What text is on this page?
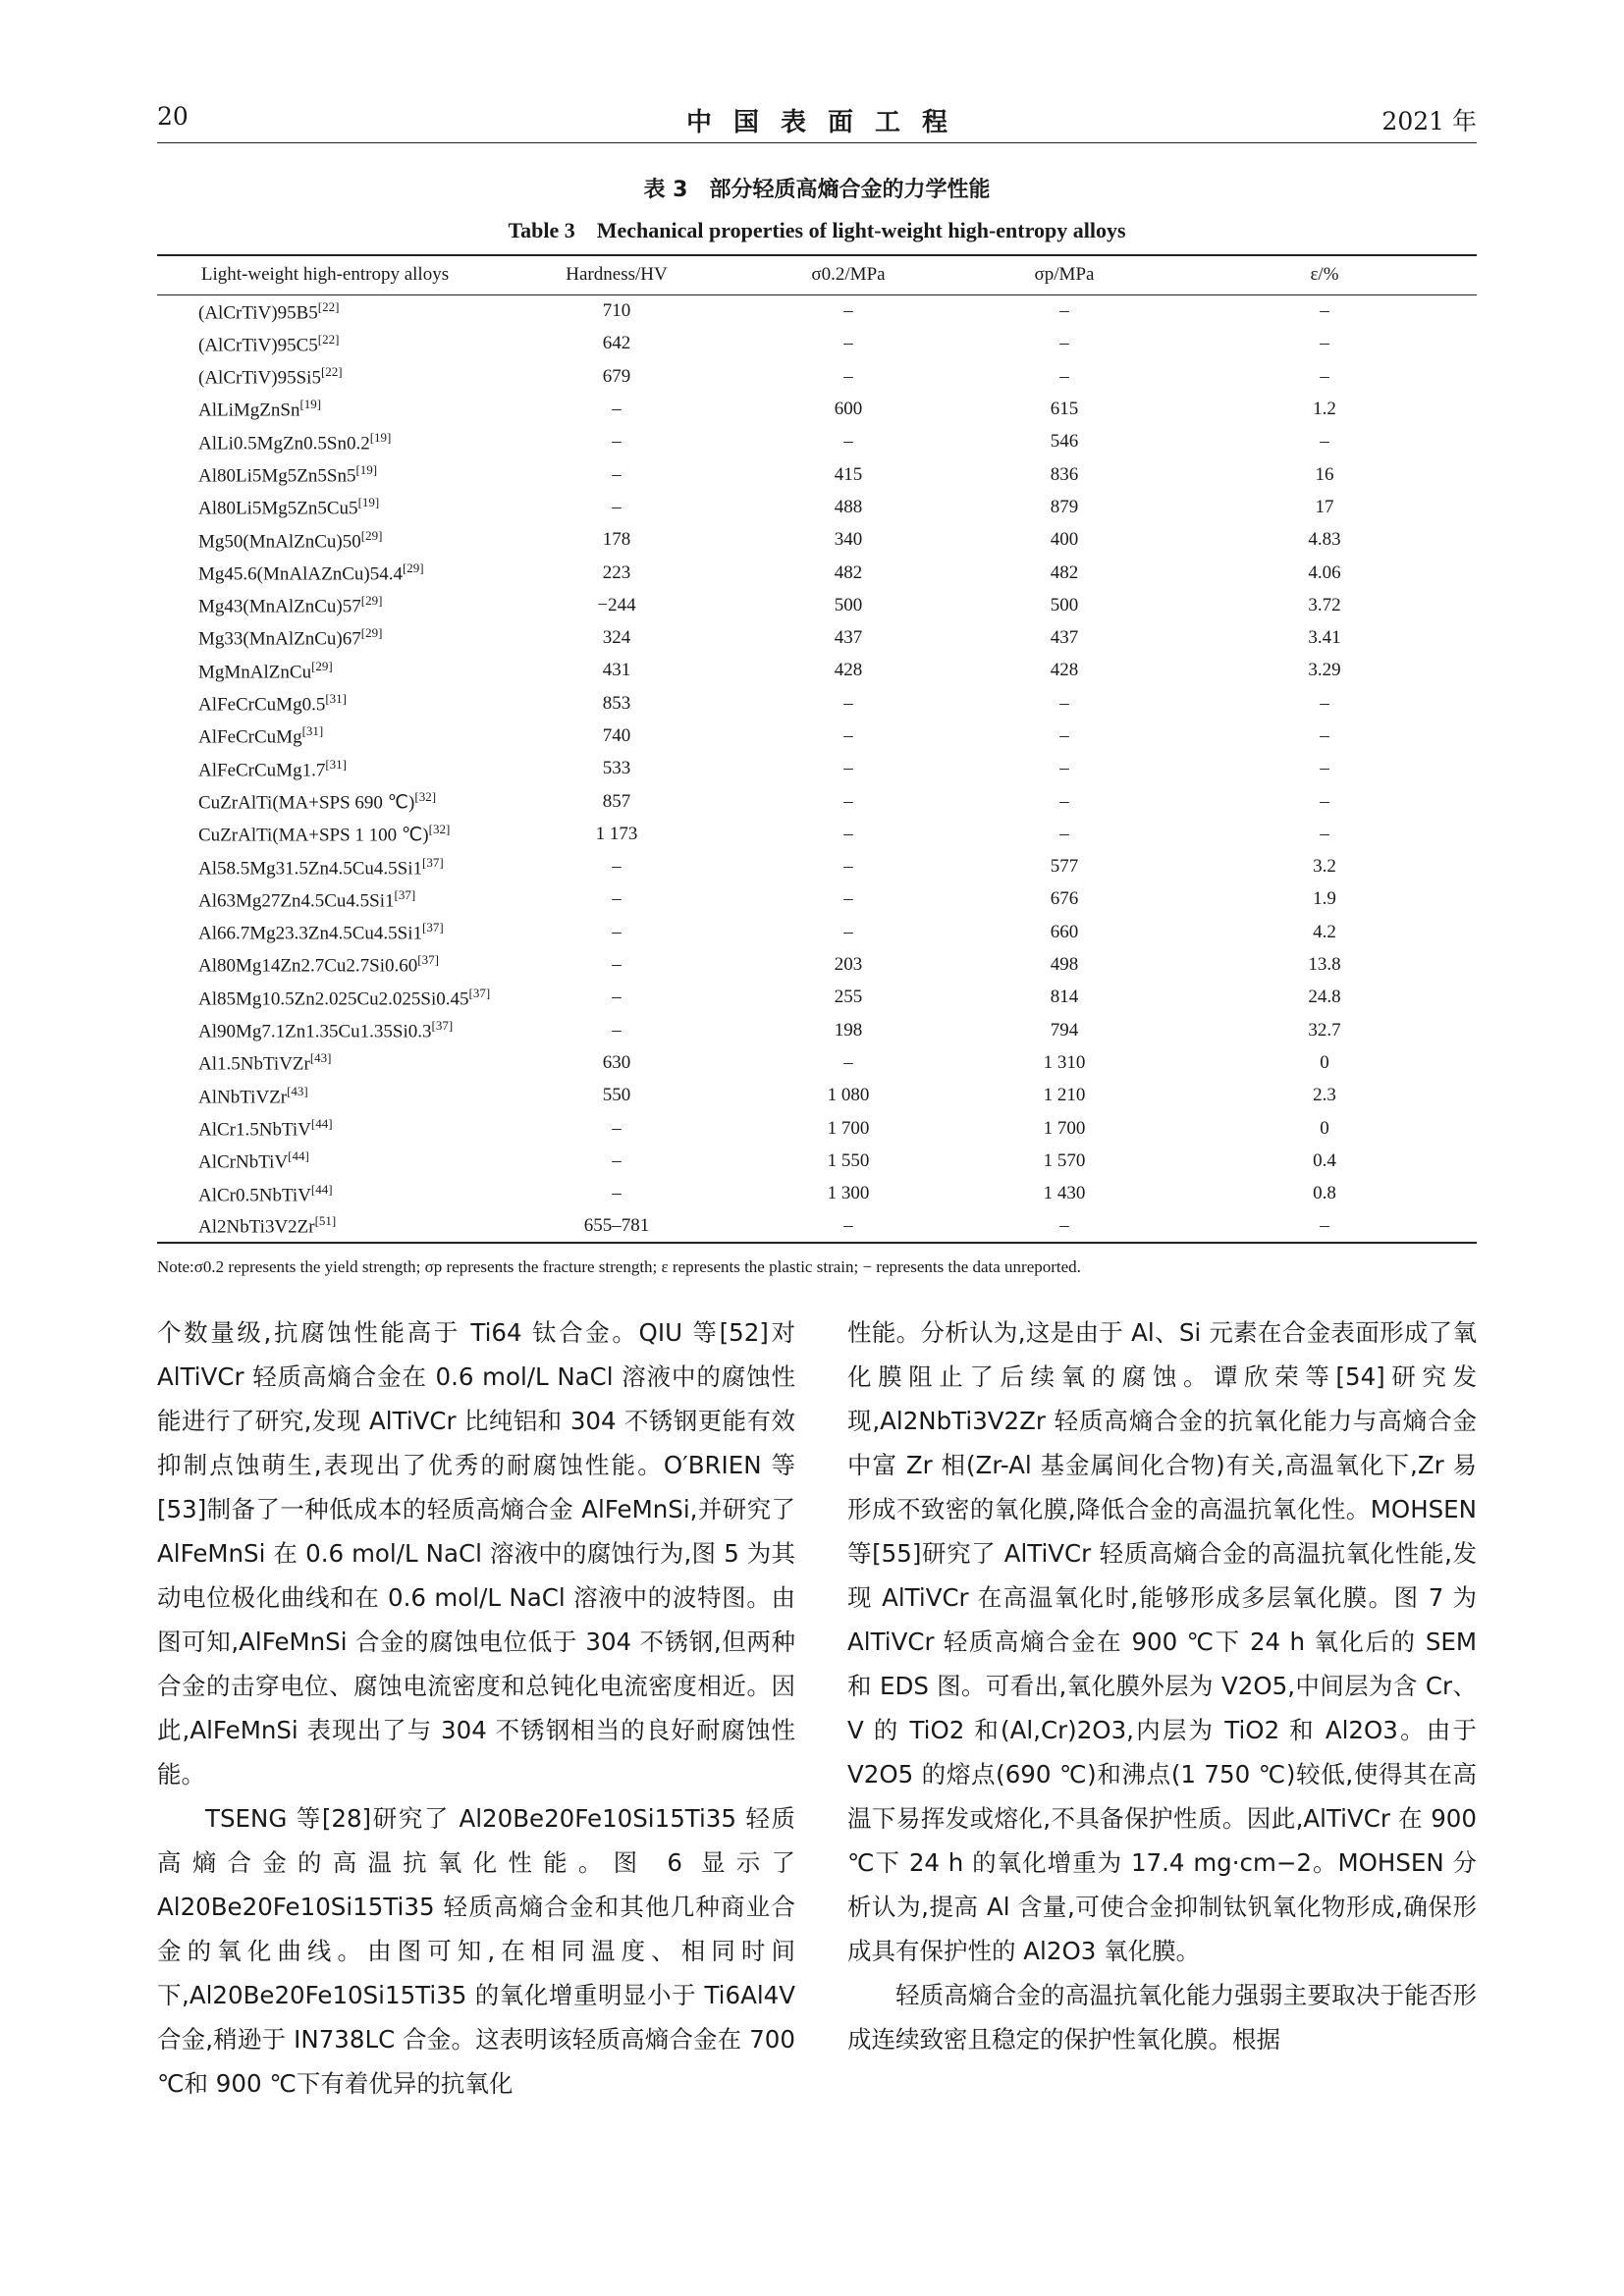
20	中国表面工程	2021 年
表 3　部分轻质高熵合金的力学性能
Table 3　Mechanical properties of light-weight high-entropy alloys
Light-weight high-entropy alloys	Hardness/HV	σ0.2/MPa	σp/MPa	ε/%
(AlCrTiV)95B5[22]	710	–	–	–
(AlCrTiV)95C5[22]	642	–	–	–
(AlCrTiV)95Si5[22]	679	–	–	–
AlLiMgZnSn[19]	–	600	615	1.2
AlLi0.5MgZn0.5Sn0.2[19]	–	–	546	–
Al80Li5Mg5Zn5Sn5[19]	–	415	836	16
Al80Li5Mg5Zn5Cu5[19]	–	488	879	17
Mg50(MnAlZnCu)50[29]	178	340	400	4.83
Mg45.6(MnAlAZnCu)54.4[29]	223	482	482	4.06
Mg43(MnAlZnCu)57[29]	−244	500	500	3.72
Mg33(MnAlZnCu)67[29]	324	437	437	3.41
MgMnAlZnCu[29]	431	428	428	3.29
AlFeCrCuMg0.5[31]	853	–	–	–
AlFeCrCuMg[31]	740	–	–	–
AlFeCrCuMg1.7[31]	533	–	–	–
CuZrAlTi(MA+SPS 690 ℃)[32]	857	–	–	–
CuZrAlTi(MA+SPS 1 100 ℃)[32]	1 173	–	–	–
Al58.5Mg31.5Zn4.5Cu4.5Si1[37]	–	–	577	3.2
Al63Mg27Zn4.5Cu4.5Si1[37]	–	–	676	1.9
Al66.7Mg23.3Zn4.5Cu4.5Si1[37]	–	–	660	4.2
Al80Mg14Zn2.7Cu2.7Si0.60[37]	–	203	498	13.8
Al85Mg10.5Zn2.025Cu2.025Si0.45[37]	–	255	814	24.8
Al90Mg7.1Zn1.35Cu1.35Si0.3[37]	–	198	794	32.7
Al1.5NbTiVZr[43]	630	–	1 310	0
AlNbTiVZr[43]	550	1 080	1 210	2.3
AlCr1.5NbTiV[44]	–	1 700	1 700	0
AlCrNbTiV[44]	–	1 550	1 570	0.4
AlCr0.5NbTiV[44]	–	1 300	1 430	0.8
Al2NbTi3V2Zr[51]	655–781	–	–	–
Note:σ0.2 represents the yield strength; σp represents the fracture strength; ε represents the plastic strain; − represents the data unreported.

个数量级,抗腐蚀性能高于 Ti64 钛合金。QIU 等[52]对 AlTiVCr 轻质高熵合金在 0.6 mol/L NaCl 溶液中的腐蚀性能进行了研究,发现 AlTiVCr 比纯铝和 304 不锈钢更能有效抑制点蚀萌生,表现出了优秀的耐腐蚀性能。O′BRIEN 等[53]制备了一种低成本的轻质高熵合金 AlFeMnSi,并研究了 AlFeMnSi 在 0.6 mol/L NaCl 溶液中的腐蚀行为,图 5 为其动电位极化曲线和在 0.6 mol/L NaCl 溶液中的波特图。由图可知,AlFeMnSi 合金的腐蚀电位低于 304 不锈钢,但两种合金的击穿电位、腐蚀电流密度和总钝化电流密度相近。因此,AlFeMnSi 表现出了与 304 不锈钢相当的良好耐腐蚀性能。

TSENG 等[28]研究了 Al20Be20Fe10Si15Ti35 轻质高熵合金的高温抗氧化性能。图 6 显示了 Al20Be20Fe10Si15Ti35 轻质高熵合金和其他几种商业合金的氧化曲线。由图可知,在相同温度、相同时间下,Al20Be20Fe10Si15Ti35 的氧化增重明显小于 Ti6Al4V 合金,稍逊于 IN738LC 合金。这表明该轻质高熵合金在 700 ℃和 900 ℃下有着优异的抗氧化

性能。分析认为,这是由于 Al、Si 元素在合金表面形成了氧化膜阻止了后续氧的腐蚀。谭欣荣等[54]研究发现,Al2NbTi3V2Zr 轻质高熵合金的抗氧化能力与高熵合金中富 Zr 相(Zr-Al 基金属间化合物)有关,高温氧化下,Zr 易形成不致密的氧化膜,降低合金的高温抗氧化性。MOHSEN 等[55]研究了 AlTiVCr 轻质高熵合金的高温抗氧化性能,发现 AlTiVCr 在高温氧化时,能够形成多层氧化膜。图 7 为 AlTiVCr 轻质高熵合金在 900 ℃下 24 h 氧化后的 SEM 和 EDS 图。可看出,氧化膜外层为 V2O5,中间层为含 Cr、V 的 TiO2 和(Al,Cr)2O3,内层为 TiO2 和 Al2O3。由于 V2O5 的熔点(690 ℃)和沸点(1 750 ℃)较低,使得其在高温下易挥发或熔化,不具备保护性质。因此,AlTiVCr 在 900 ℃下 24 h 的氧化增重为 17.4 mg·cm−2。MOHSEN 分析认为,提高 Al 含量,可使合金抑制钛钒氧化物形成,确保形成具有保护性的 Al2O3 氧化膜。

轻质高熵合金的高温抗氧化能力强弱主要取决于能否形成连续致密且稳定的保护性氧化膜。根据
